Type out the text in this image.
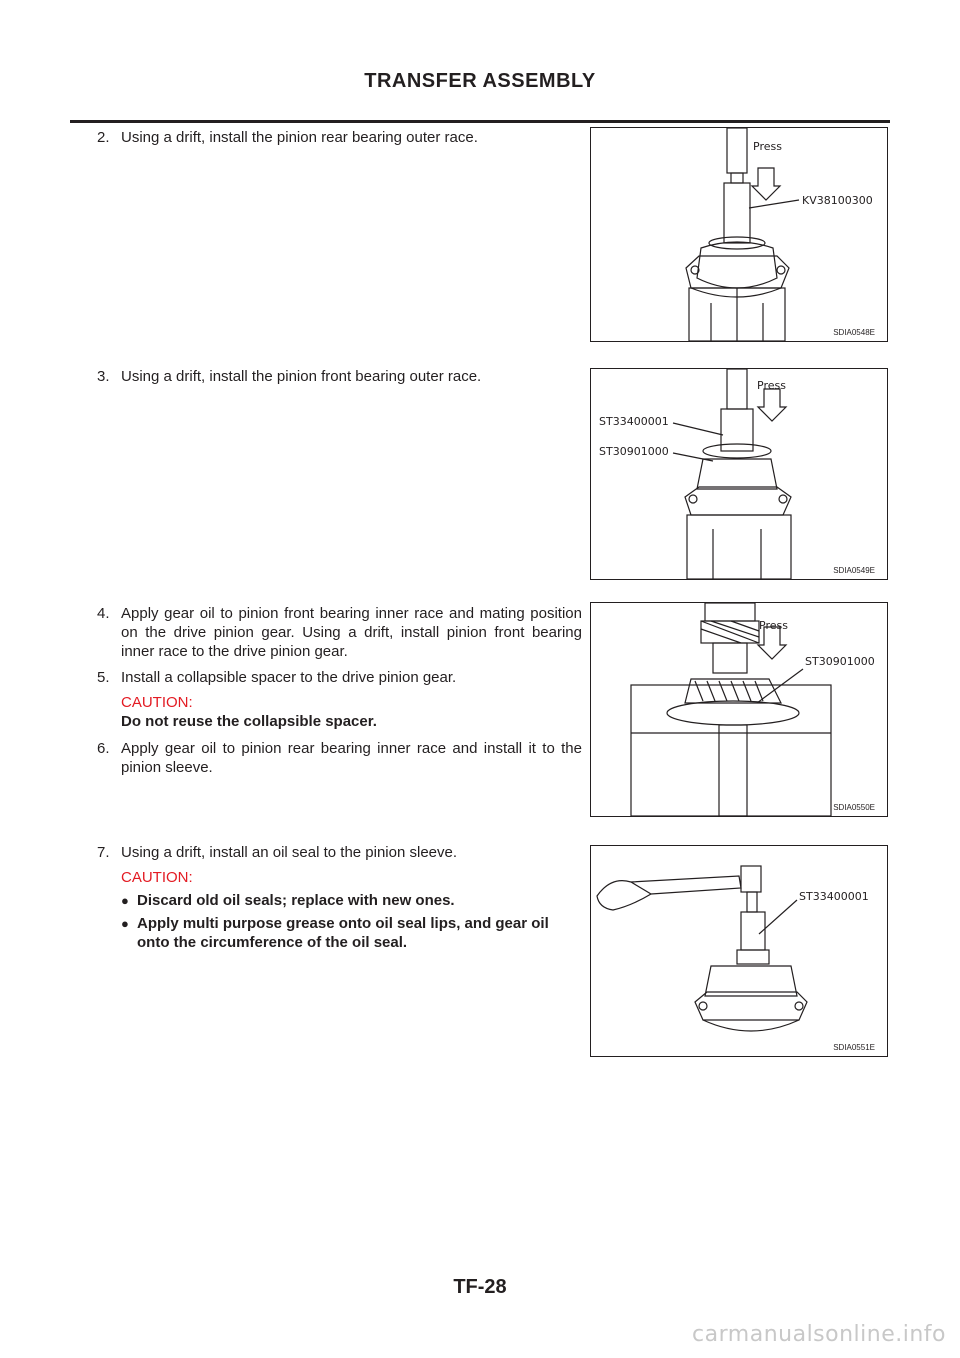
TRANSFER ASSEMBLY
2. Using a drift, install the pinion rear bearing outer race.
3. Using a drift, install the pinion front bearing outer race.
4. Apply gear oil to pinion front bearing inner race and mating position on the drive pinion gear. Using a drift, install pinion front bearing inner race to the drive pinion gear.
5. Install a collapsible spacer to the drive pinion gear.
CAUTION:
Do not reuse the collapsible spacer.
6. Apply gear oil to pinion rear bearing inner race and install it to the pinion sleeve.
7. Using a drift, install an oil seal to the pinion sleeve.
CAUTION:
● Discard old oil seals; replace with new ones.
● Apply multi purpose grease onto oil seal lips, and gear oil onto the circumference of the oil seal.
Press
KV38100300
SDIA0548E
Press
ST33400001
ST30901000
SDIA0549E
Press
ST30901000
SDIA0550E
ST33400001
SDIA0551E
TF-28
carmanualsonline.info
